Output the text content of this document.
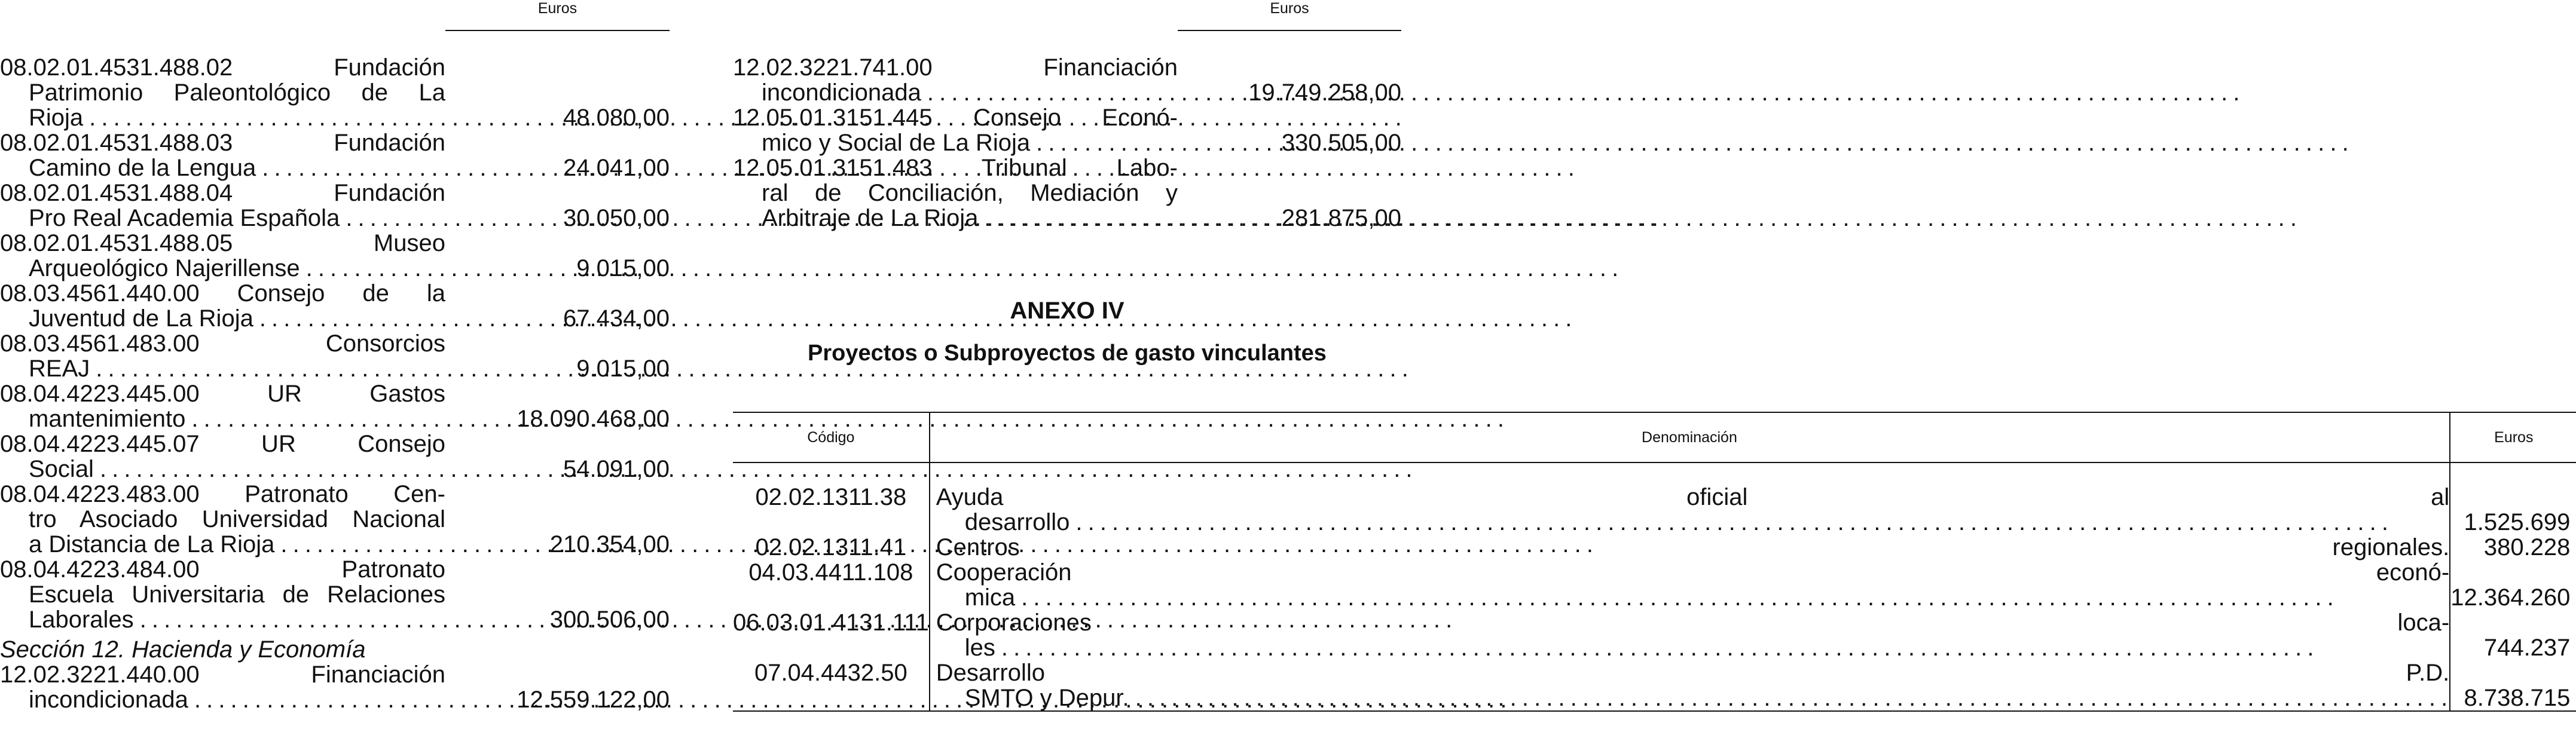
Euros
08.02.01.4531.488.02 Fundación
Patrimonio Paleontológico de La
Rioja . . .	48.080,00
08.02.01.4531.488.03 Fundación
Camino de la Lengua . . .	24.041,00
08.02.01.4531.488.04 Fundación
Pro Real Academia Española . . .	30.050,00
08.02.01.4531.488.05 Museo
Arqueológico Najerillense . . .	9.015,00
08.03.4561.440.00 Consejo de la
Juventud de La Rioja . . .	67.434,00
08.03.4561.483.00 Consorcios
REAJ . . .	9.015,00
08.04.4223.445.00 UR Gastos
mantenimiento . . .	18.090.468,00
08.04.4223.445.07 UR Consejo
Social . . .	54.091,00
08.04.4223.483.00 Patronato Cen-
tro Asociado Universidad Nacional
a Distancia de La Rioja . . .	210.354,00
08.04.4223.484.00 Patronato
Escuela Universitaria de Relaciones
Laborales . . .	300.506,00
Sección 12. Hacienda y Economía
12.02.3221.440.00 Financiación
incondicionada . . .	12.559.122,00
Euros
12.02.3221.741.00 Financiación
incondicionada . . .	19.749.258,00
12.05.01.3151.445 Consejo Econó-
mico y Social de La Rioja . . .	330.505,00
12.05.01.3151.483 Tribunal Labo-
ral de Conciliación, Mediación y
Arbitraje de La Rioja . . .	281.875,00
ANEXO IV
Proyectos o Subproyectos de gasto vinculantes
Código	Denominación	Euros
02.02.1311.38	Ayuda oficial al
desarrollo
. . .	1.525.699
02.02.1311.41	Centros regionales.	380.228
04.03.4411.108	Cooperación econó-
mica
. . .	12.364.260
06.03.01.4131.111	Corporaciones loca-
les
. . .	744.237
07.04.4432.50	Desarrollo P.D.
SMTO y Depur.
. . .	8.738.715
